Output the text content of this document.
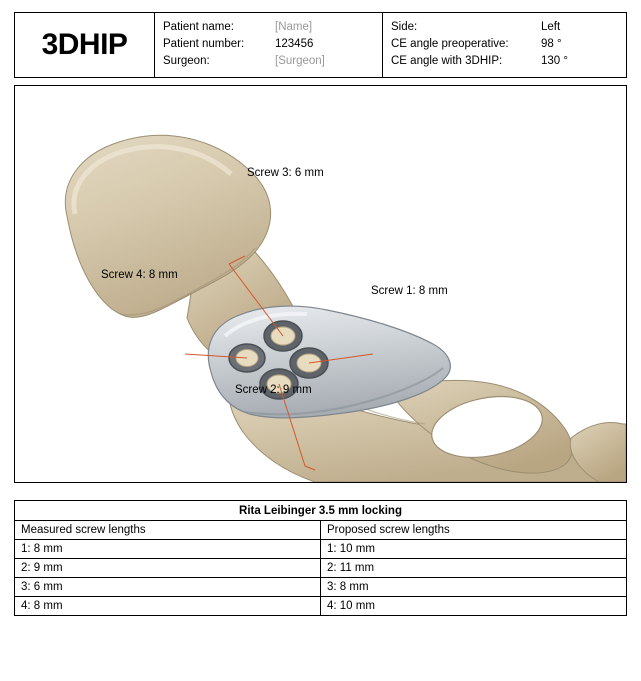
3DHIP
Patient name:	[Name]
Patient number:	123456
Surgeon:	[Surgeon]
Side:	Left
CE angle preoperative:	98 °
CE angle with 3DHIP:	130 °
Screw 3: 6 mm
Screw 4: 8 mm
Screw 1: 8 mm
Screw 2: 9 mm
Rita Leibinger 3.5 mm locking	
Measured screw lengths	Proposed screw lengths
1: 8 mm	1: 10 mm
2: 9 mm	2: 11 mm
3: 6 mm	3: 8 mm
4: 8 mm	4: 10 mm
